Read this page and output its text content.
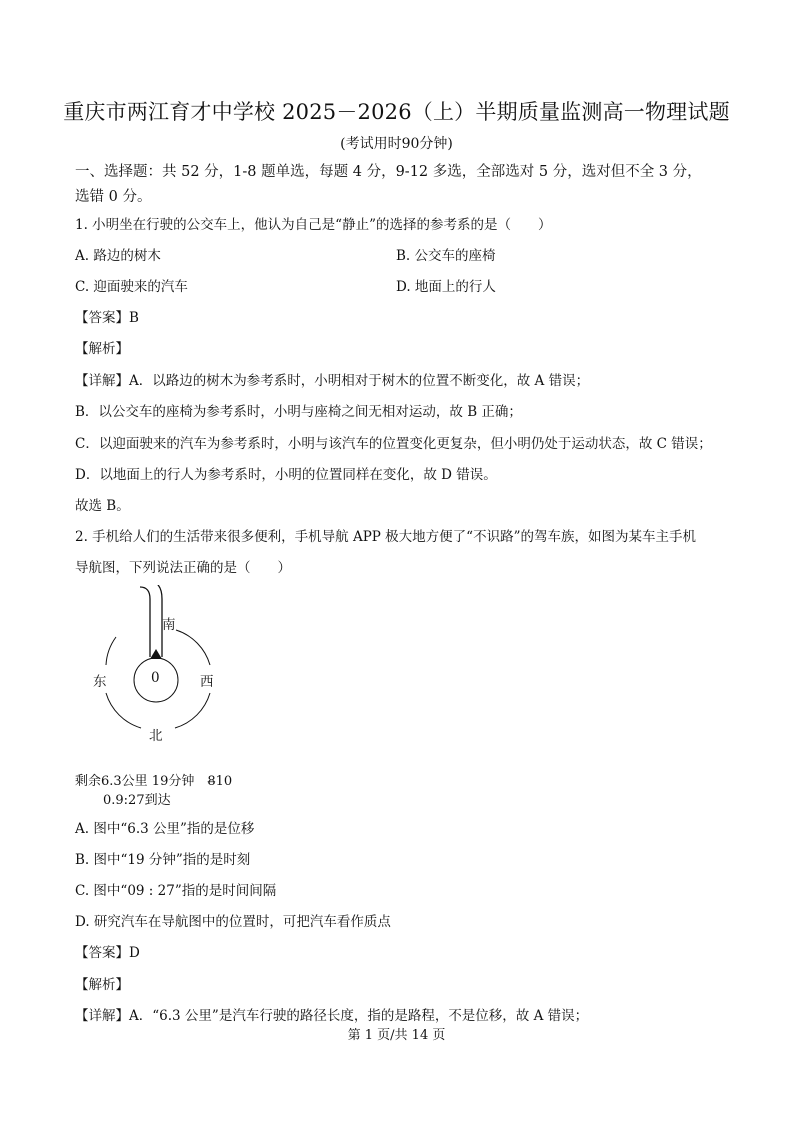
重庆市两江育才中学校 2025－2026（上）半期质量监测高一物理试题
(考试用时90分钟)
一、选择题：共 52 分，1-8 题单选，每题 4 分，9-12 多选，全部选对 5 分，选对但不全 3 分，
选错 0 分。
1. 小明坐在行驶的公交车上，他认为自己是“静止”的选择的参考系的是（　　）
A. 路边的树木	B. 公交车的座椅
C. 迎面驶来的汽车	D. 地面上的行人
【答案】B
【解析】
【详解】A．以路边的树木为参考系时，小明相对于树木的位置不断变化，故 A 错误；
B．以公交车的座椅为参考系时，小明与座椅之间无相对运动，故 B 正确；
C．以迎面驶来的汽车为参考系时，小明与该汽车的位置变化更复杂，但小明仍处于运动状态，故 C 错误；
D．以地面上的行人为参考系时，小明的位置同样在变化，故 D 错误。
故选 B。
2. 手机给人们的生活带来很多便利，手机导航 APP 极大地方便了“不识路”的驾车族，如图为某车主手机
导航图，下列说法正确的是（　　）
南
东	西
北
0
剩余6.3公里 19分钟　8̶10
0.9:27到达
A. 图中“6.3 公里”指的是位移
B. 图中“19 分钟”指的是时刻
C. 图中“09 : 27”指的是时间间隔
D. 研究汽车在导航图中的位置时，可把汽车看作质点
【答案】D
【解析】
【详解】A．“6.3 公里”是汽车行驶的路径长度，指的是路程，不是位移，故 A 错误；
第 1 页/共 14 页
